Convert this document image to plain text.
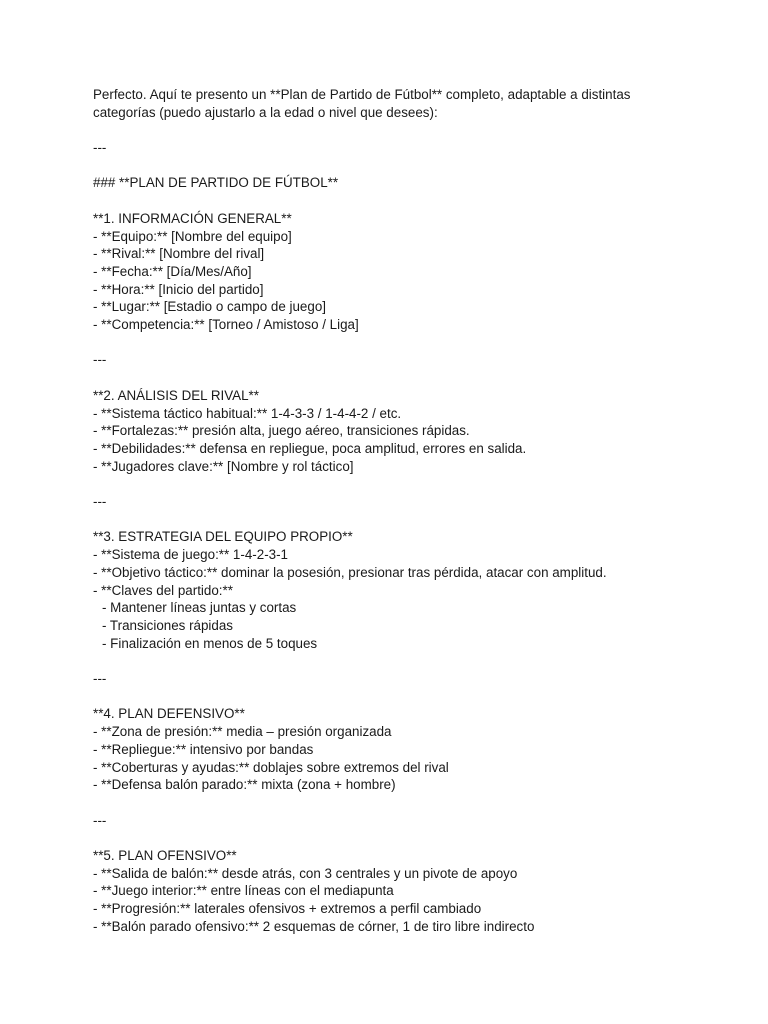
Perfecto. Aquí te presento un **Plan de Partido de Fútbol** completo, adaptable a distintas
categorías (puedo ajustarlo a la edad o nivel que desees):
---
### **PLAN DE PARTIDO DE FÚTBOL**
**1. INFORMACIÓN GENERAL**
- **Equipo:** [Nombre del equipo]
- **Rival:** [Nombre del rival]
- **Fecha:** [Día/Mes/Año]
- **Hora:** [Inicio del partido]
- **Lugar:** [Estadio o campo de juego]
- **Competencia:** [Torneo / Amistoso / Liga]
---
**2. ANÁLISIS DEL RIVAL**
- **Sistema táctico habitual:** 1-4-3-3 / 1-4-4-2 / etc.
- **Fortalezas:** presión alta, juego aéreo, transiciones rápidas.
- **Debilidades:** defensa en repliegue, poca amplitud, errores en salida.
- **Jugadores clave:** [Nombre y rol táctico]
---
**3. ESTRATEGIA DEL EQUIPO PROPIO**
- **Sistema de juego:** 1-4-2-3-1
- **Objetivo táctico:** dominar la posesión, presionar tras pérdida, atacar con amplitud.
- **Claves del partido:**
- Mantener líneas juntas y cortas
- Transiciones rápidas
- Finalización en menos de 5 toques
---
**4. PLAN DEFENSIVO**
- **Zona de presión:** media – presión organizada
- **Repliegue:** intensivo por bandas
- **Coberturas y ayudas:** doblajes sobre extremos del rival
- **Defensa balón parado:** mixta (zona + hombre)
---
**5. PLAN OFENSIVO**
- **Salida de balón:** desde atrás, con 3 centrales y un pivote de apoyo
- **Juego interior:** entre líneas con el mediapunta
- **Progresión:** laterales ofensivos + extremos a perfil cambiado
- **Balón parado ofensivo:** 2 esquemas de córner, 1 de tiro libre indirecto
